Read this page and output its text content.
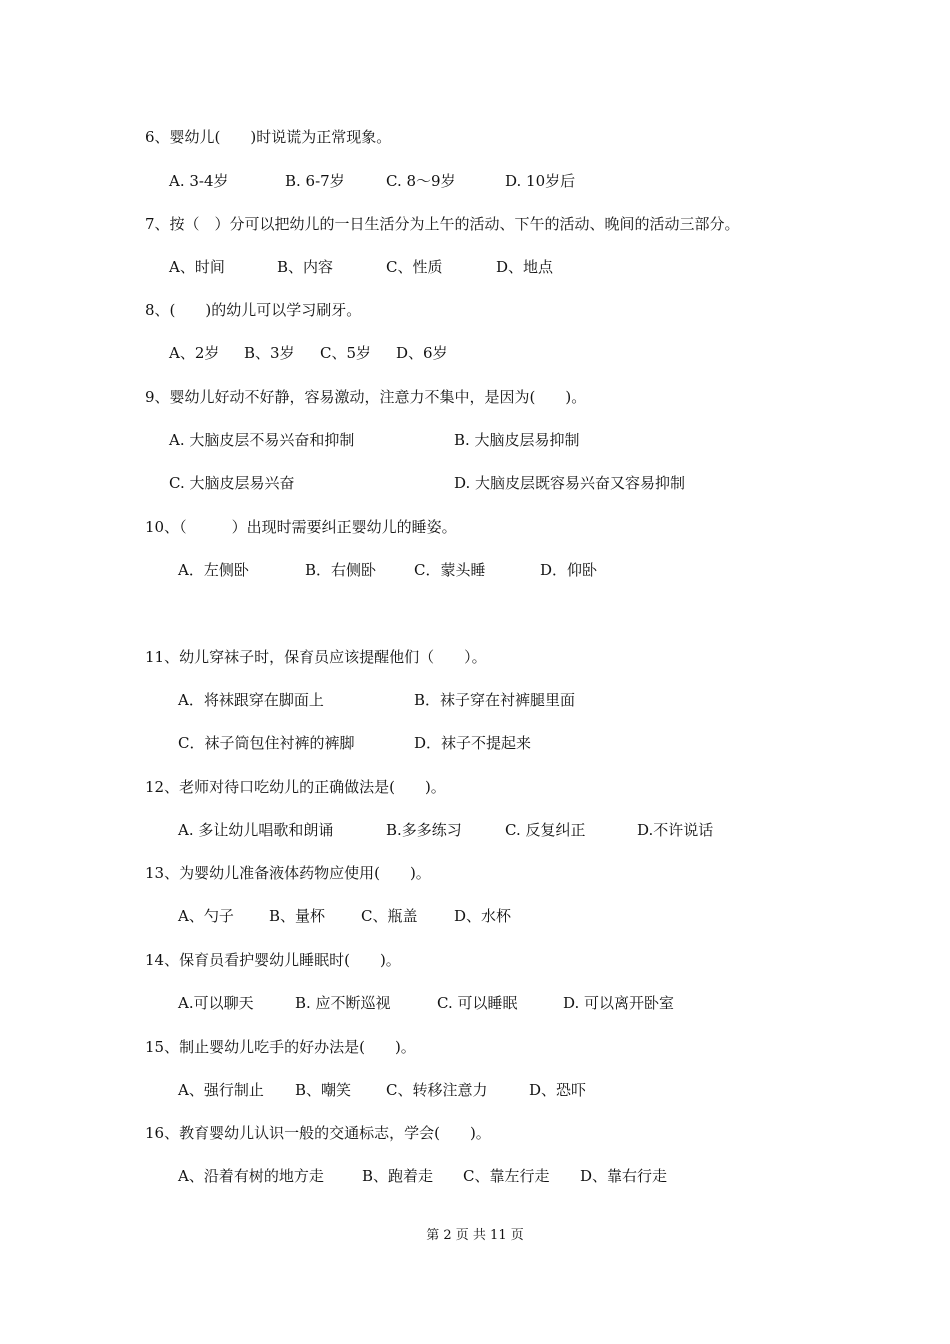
6、婴幼儿(　　)时说谎为正常现象。
A. 3-4岁	B. 6-7岁	C. 8～9岁	D. 10岁后
7、按（　）分可以把幼儿的一日生活分为上午的活动、下午的活动、晚间的活动三部分。
A、时间	B、内容	C、性质	D、地点
8、(　　)的幼儿可以学习刷牙。
A、2岁 B、3岁 C、5岁 D、6岁
9、婴幼儿好动不好静，容易激动，注意力不集中，是因为(　　)。
A. 大脑皮层不易兴奋和抑制	B. 大脑皮层易抑制
C. 大脑皮层易兴奋	D. 大脑皮层既容易兴奋又容易抑制
10、（　　　）出现时需要纠正婴幼儿的睡姿。
A．左侧卧	B．右侧卧	C．蒙头睡	D．仰卧
11、幼儿穿袜子时，保育员应该提醒他们（　　）。
A．将袜跟穿在脚面上	B．袜子穿在衬裤腿里面
C．袜子筒包住衬裤的裤脚	D．袜子不提起来
12、老师对待口吃幼儿的正确做法是(　　)。
A. 多让幼儿唱歌和朗诵	B.多多练习	C. 反复纠正	D.不许说话
13、为婴幼儿准备液体药物应使用(　　)。
A、勺子 B、量杯 C、瓶盖 D、水杯
14、保育员看护婴幼儿睡眠时(　　)。
A.可以聊天	B. 应不断巡视	C. 可以睡眠	D. 可以离开卧室
15、制止婴幼儿吃手的好办法是(　　)。
A、强行制止 B、嘲笑 C、转移注意力	D、恐吓
16、教育婴幼儿认识一般的交通标志，学会(　　)。
A、沿着有树的地方走	B、跑着走 C、靠左行走 D、靠右行走
第 2 页 共 11 页
